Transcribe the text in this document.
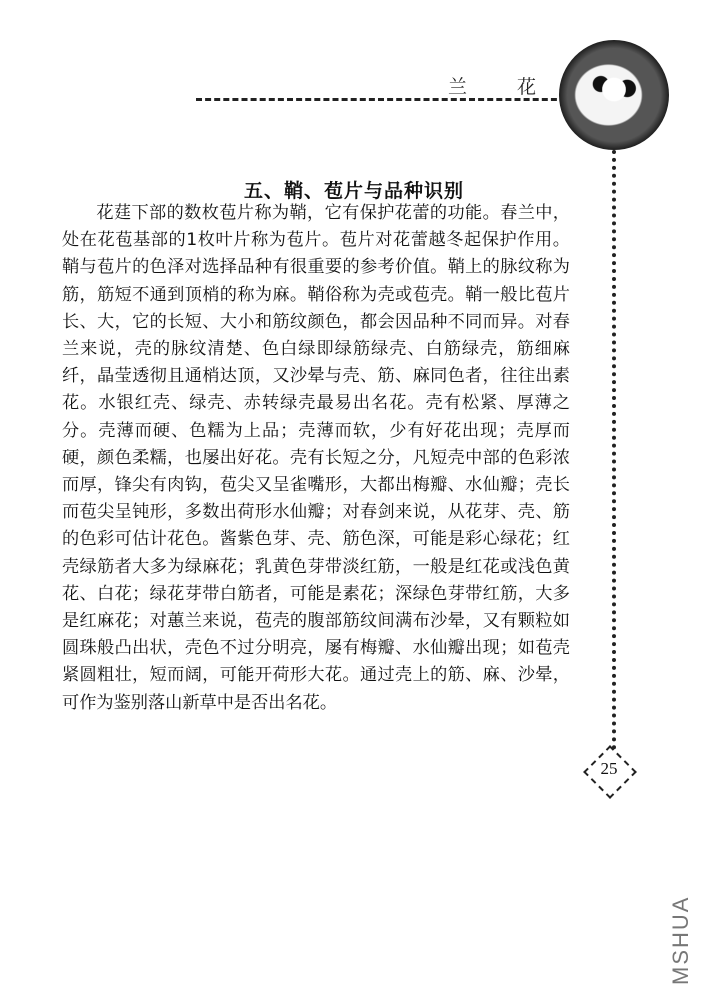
兰 花
五、鞘、苞片与品种识别

花莛下部的数枚苞片称为鞘，它有保护花蕾的功能。春兰中，处在花苞基部的1枚叶片称为苞片。苞片对花蕾越冬起保护作用。鞘与苞片的色泽对选择品种有很重要的参考价值。鞘上的脉纹称为筋，筋短不通到顶梢的称为麻。鞘俗称为壳或苞壳。鞘一般比苞片长、大，它的长短、大小和筋纹颜色，都会因品种不同而异。对春兰来说，壳的脉纹清楚、色白绿即绿筋绿壳、白筋绿壳，筋细麻纤，晶莹透彻且通梢达顶，又沙晕与壳、筋、麻同色者，往往出素花。水银红壳、绿壳、赤转绿壳最易出名花。壳有松紧、厚薄之分。壳薄而硬、色糯为上品；壳薄而软，少有好花出现；壳厚而硬，颜色柔糯，也屡出好花。壳有长短之分，凡短壳中部的色彩浓而厚，锋尖有肉钩，苞尖又呈雀嘴形，大都出梅瓣、水仙瓣；壳长而苞尖呈钝形，多数出荷形水仙瓣；对春剑来说，从花芽、壳、筋的色彩可估计花色。酱紫色芽、壳、筋色深，可能是彩心绿花；红壳绿筋者大多为绿麻花；乳黄色芽带淡红筋，一般是红花或浅色黄花、白花；绿花芽带白筋者，可能是素花；深绿色芽带红筋，大多是红麻花；对蕙兰来说，苞壳的腹部筋纹间满布沙晕，又有颗粒如圆珠般凸出状，壳色不过分明亮，屡有梅瓣、水仙瓣出现；如苞壳紧圆粗壮，短而阔，可能开荷形大花。通过壳上的筋、麻、沙晕，可作为鉴别落山新草中是否出名花。

25
MSHUA
